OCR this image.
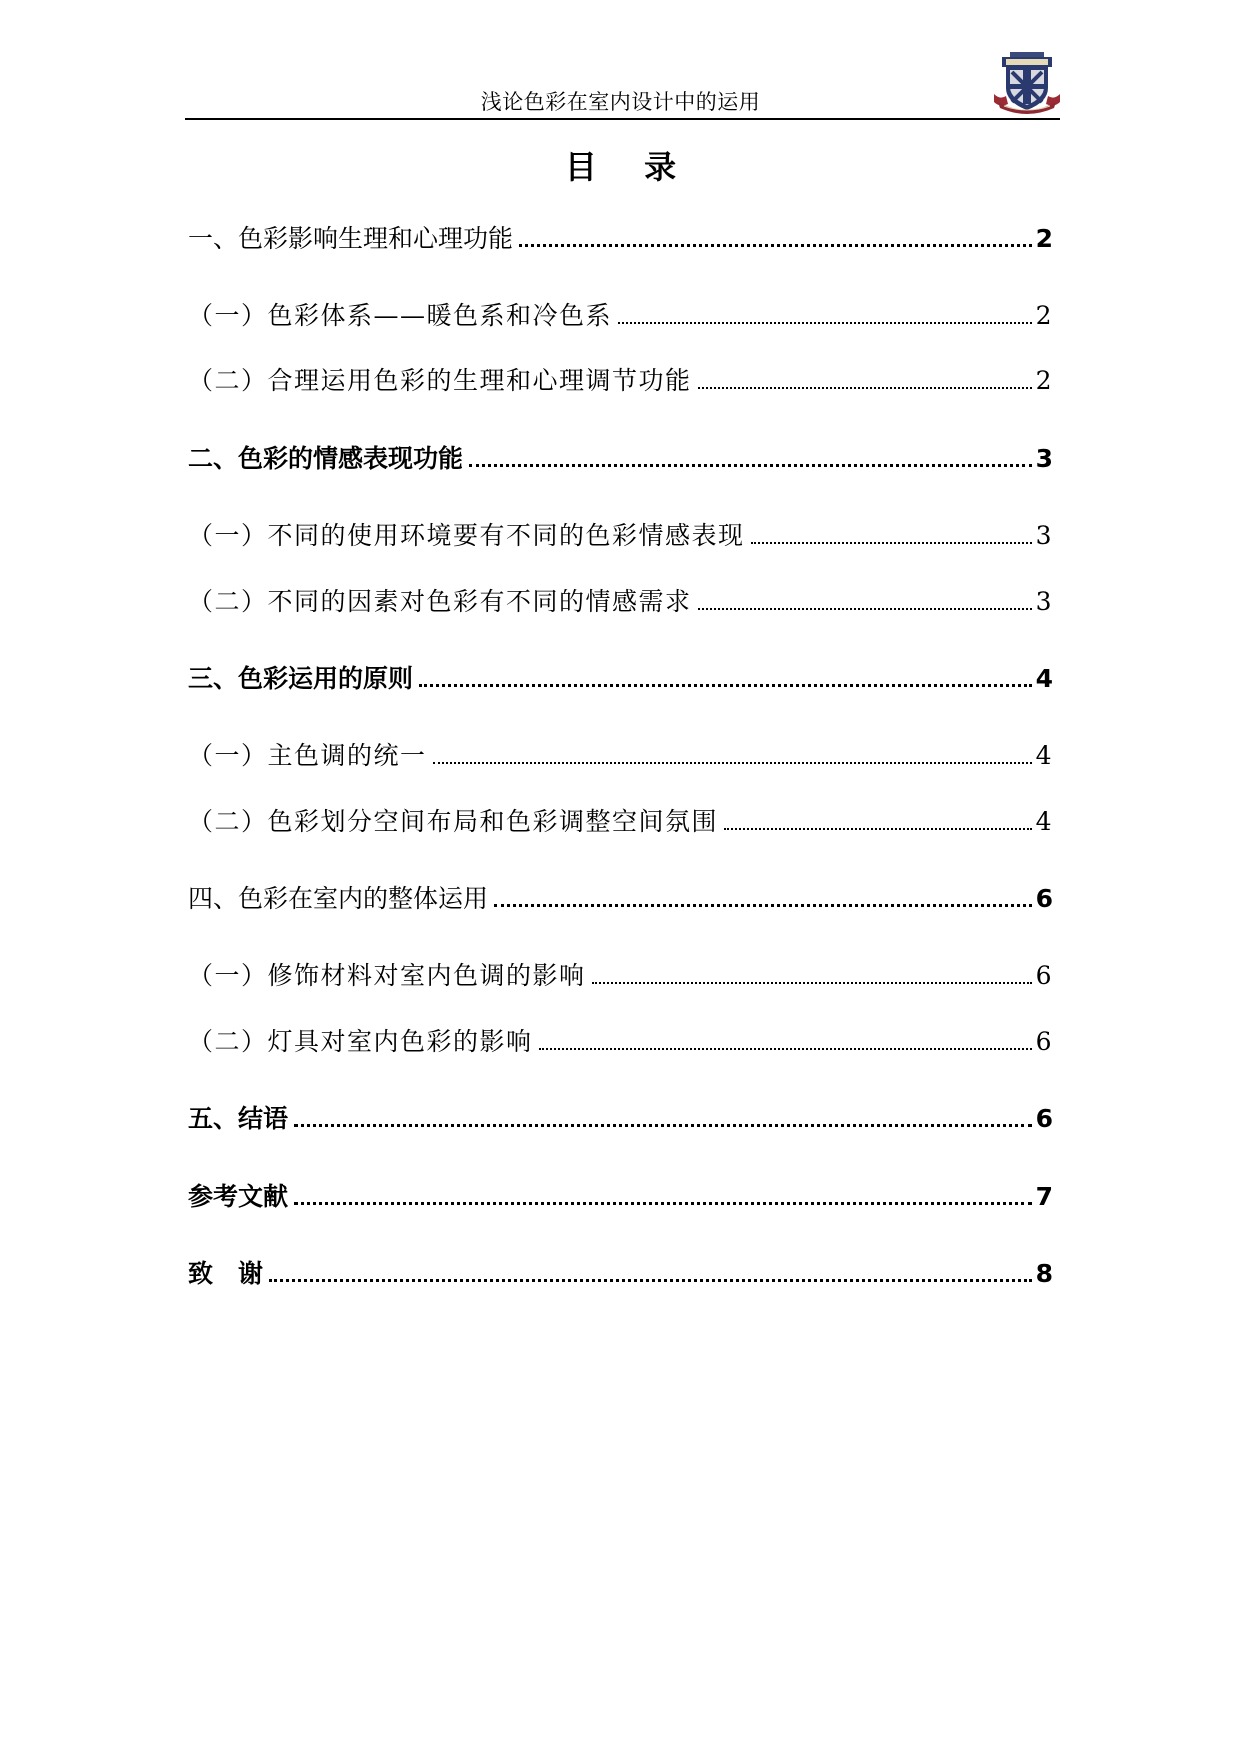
浅论色彩在室内设计中的运用
目 录
一、色彩影响生理和心理功能	2
（一）色彩体系——暖色系和冷色系	2
（二）合理运用色彩的生理和心理调节功能	2
二、色彩的情感表现功能	3
（一）不同的使用环境要有不同的色彩情感表现	3
（二）不同的因素对色彩有不同的情感需求	3
三、色彩运用的原则	4
（一）主色调的统一	4
（二）色彩划分空间布局和色彩调整空间氛围	4
四、色彩在室内的整体运用	6
（一）修饰材料对室内色调的影响	6
（二）灯具对室内色彩的影响	6
五、结语	6
参考文献	7
致　谢	8
